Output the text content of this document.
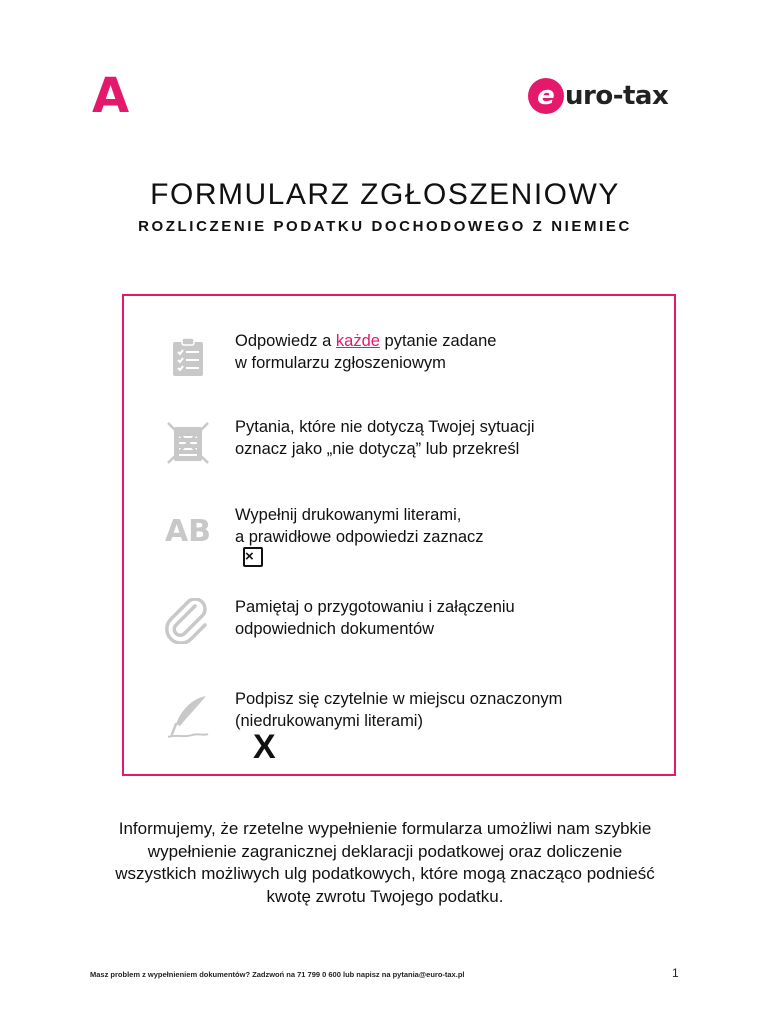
A	e uro-tax
FORMULARZ ZGŁOSZENIOWY
ROZLICZENIE PODATKU DOCHODOWEGO Z NIEMIEC
Odpowiedz a każde pytanie zadane
w formularzu zgłoszeniowym
Pytania, które nie dotyczą Twojej sytuacji
oznacz jako „nie dotyczą” lub przekreśl
AB Wypełnij drukowanymi literami,
a prawidłowe odpowiedzi zaznacz
×
Pamiętaj o przygotowaniu i załączeniu
odpowiednich dokumentów
Podpisz się czytelnie w miejscu oznaczonym
(niedrukowanymi literami)
X
Informujemy, że rzetelne wypełnienie formularza umożliwi nam szybkie
wypełnienie zagranicznej deklaracji podatkowej oraz doliczenie
wszystkich możliwych ulg podatkowych, które mogą znacząco podnieść
kwotę zwrotu Twojego podatku.
Masz problem z wypełnieniem dokumentów? Zadzwoń na 71 799 0 600 lub napisz na pytania@euro-tax.pl	1
